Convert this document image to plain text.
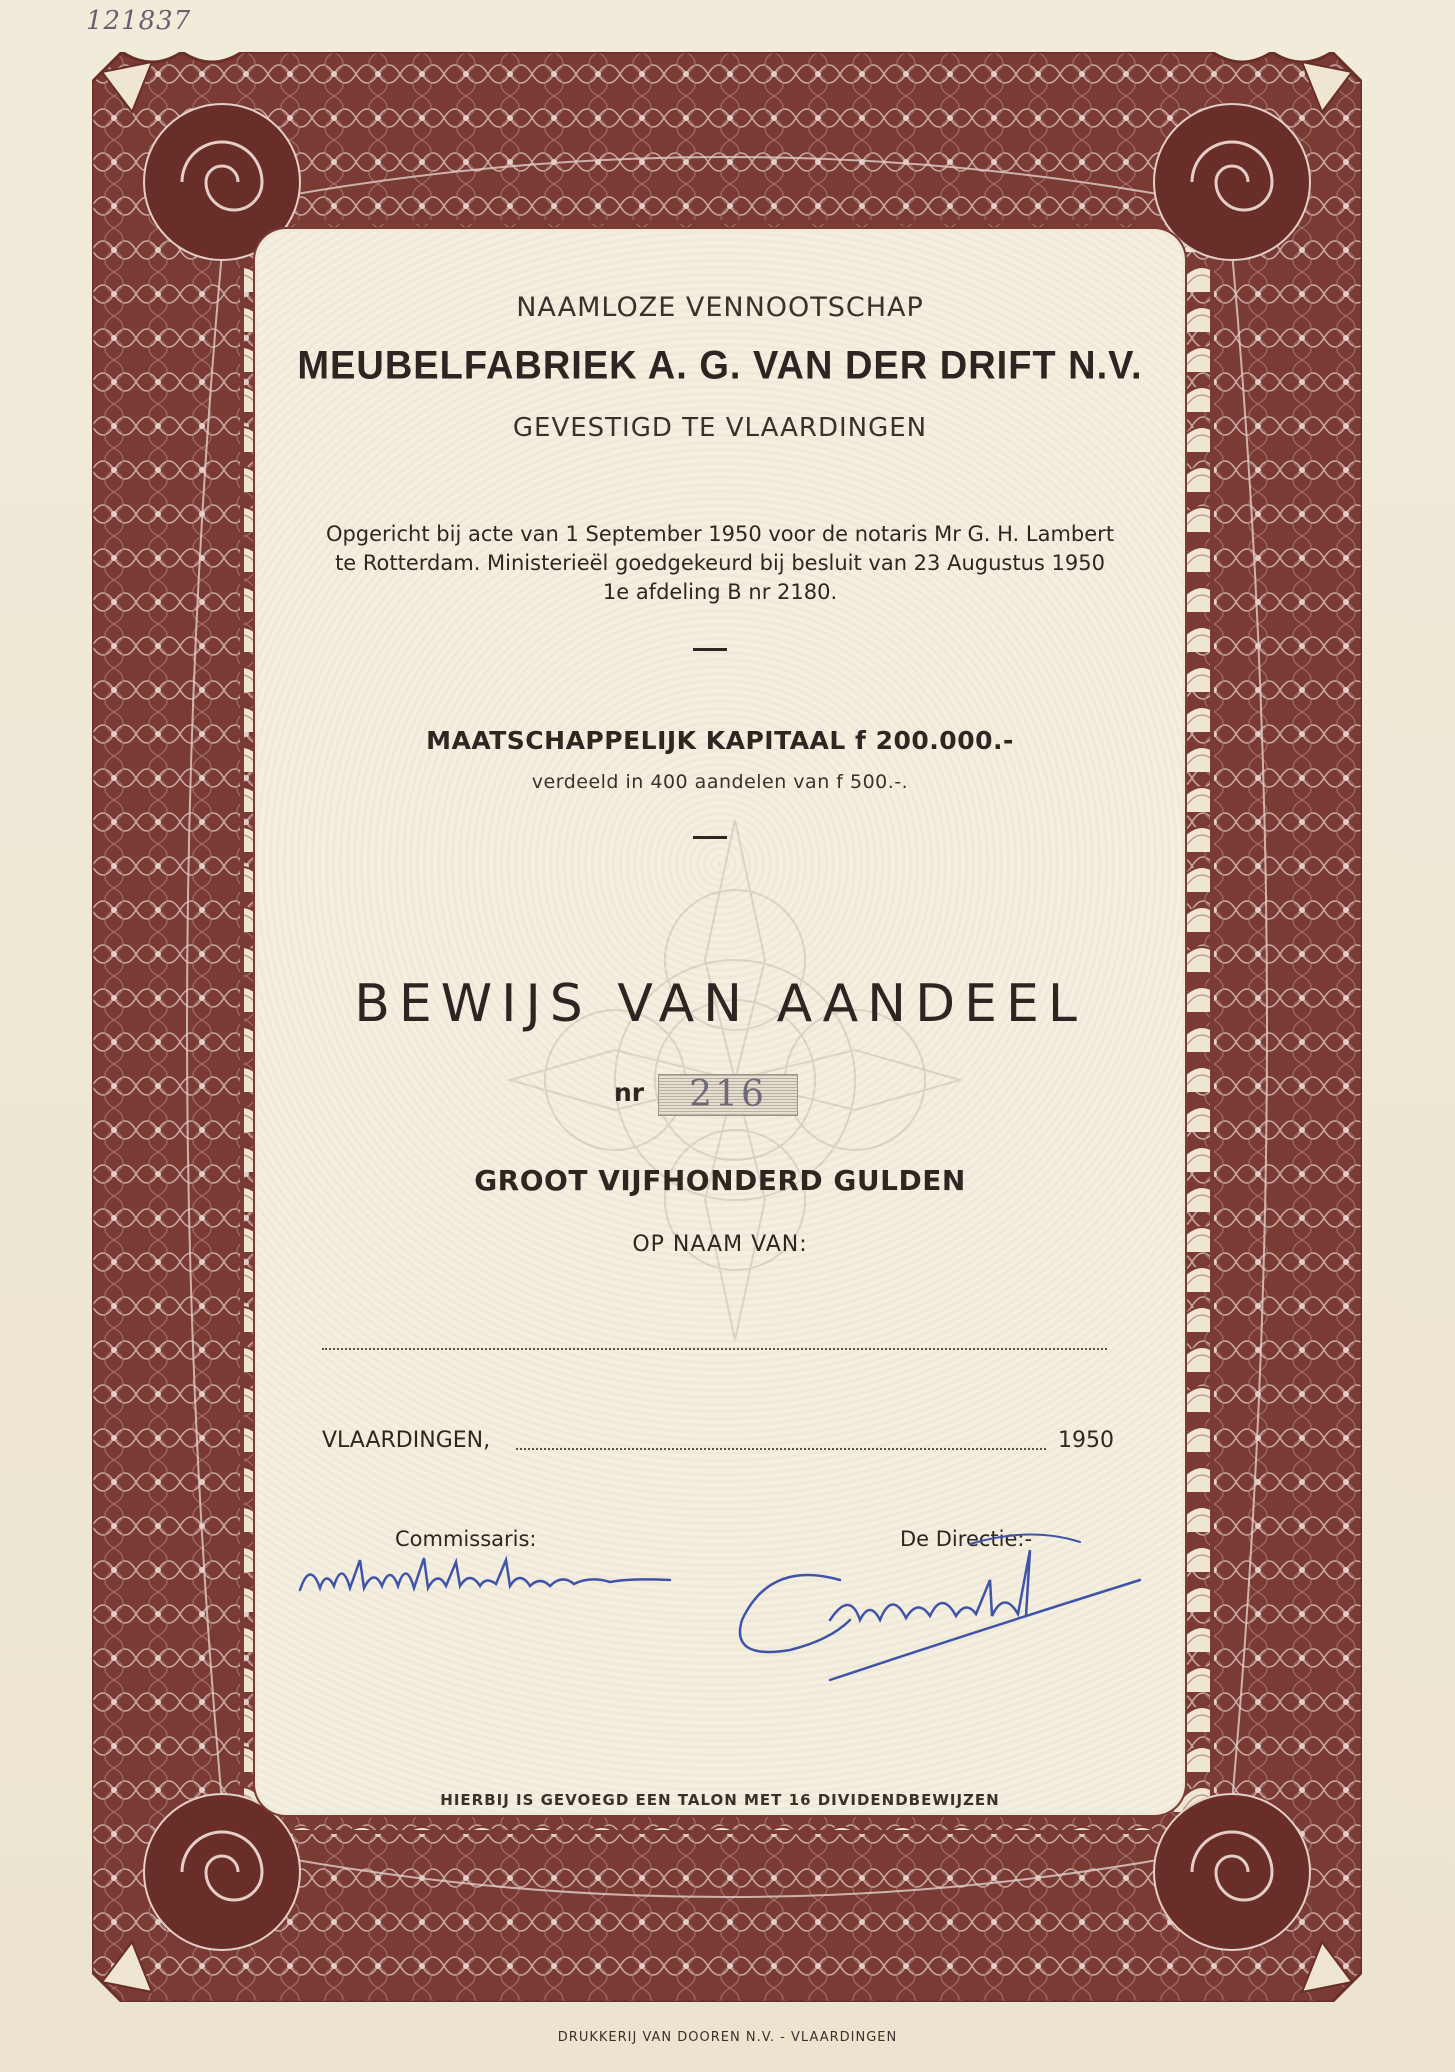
121837

NAAMLOZE VENNOOTSCHAP

MEUBELFABRIEK A. G. VAN DER DRIFT N.V.

GEVESTIGD TE VLAARDINGEN

Opgericht bij acte van 1 September 1950 voor de notaris Mr G. H. Lambert
te Rotterdam. Ministerieël goedgekeurd bij besluit van 23 Augustus 1950
1e afdeling B nr 2180.

MAATSCHAPPELIJK KAPITAAL f 200.000.-

verdeeld in 400 aandelen van f 500.-.

BEWIJS VAN AANDEEL

nr	216

GROOT VIJFHONDERD GULDEN

OP NAAM VAN:

VLAARDINGEN,	1950
Commissaris:	De Directie:-

HIERBIJ IS GEVOEGD EEN TALON MET 16 DIVIDENDBEWIJZEN

DRUKKERIJ VAN DOOREN N.V. - VLAARDINGEN
